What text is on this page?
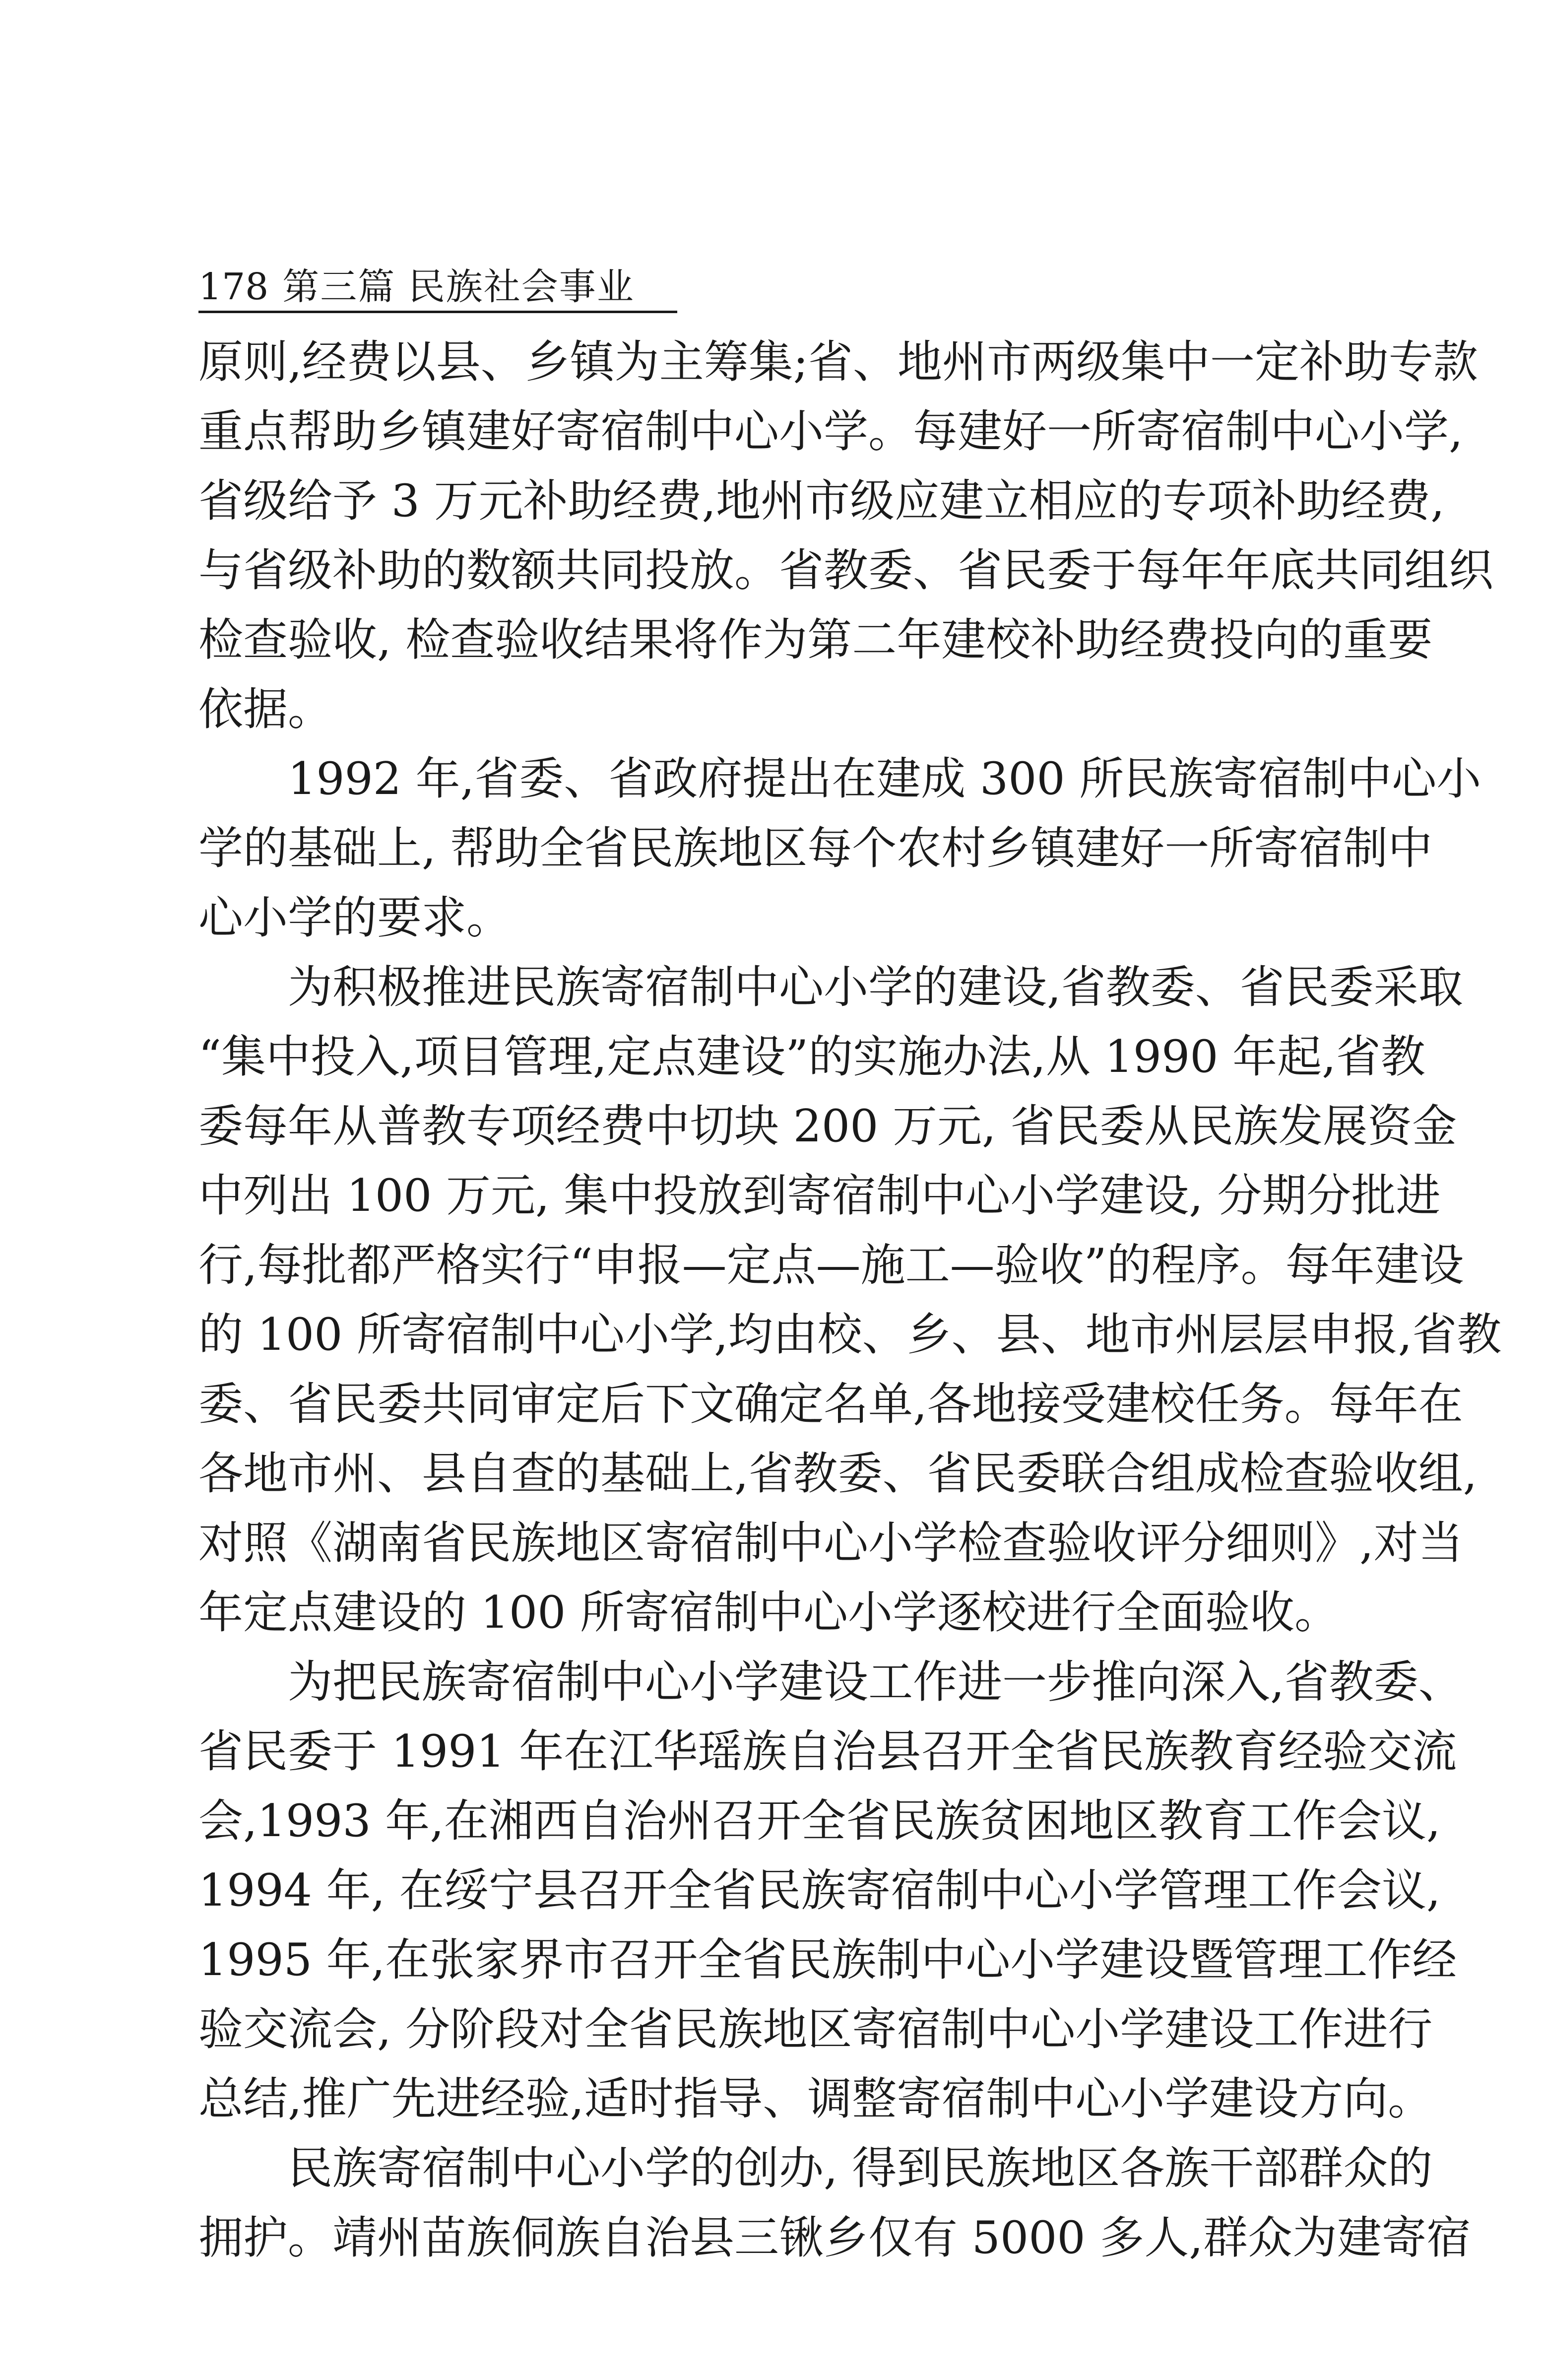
178 第三篇 民族社会事业
原则,经费以县、乡镇为主筹集;省、地州市两级集中一定补助专款
重点帮助乡镇建好寄宿制中心小学。每建好一所寄宿制中心小学,
省级给予 3 万元补助经费,地州市级应建立相应的专项补助经费,
与省级补助的数额共同投放。省教委、省民委于每年年底共同组织
检查验收, 检查验收结果将作为第二年建校补助经费投向的重要
依据。
1992 年,省委、省政府提出在建成 300 所民族寄宿制中心小
学的基础上, 帮助全省民族地区每个农村乡镇建好一所寄宿制中
心小学的要求。
为积极推进民族寄宿制中心小学的建设,省教委、省民委采取
“集中投入,项目管理,定点建设”的实施办法,从 1990 年起,省教
委每年从普教专项经费中切块 200 万元, 省民委从民族发展资金
中列出 100 万元, 集中投放到寄宿制中心小学建设, 分期分批进
行,每批都严格实行“申报—定点—施工—验收”的程序。每年建设
的 100 所寄宿制中心小学,均由校、乡、县、地市州层层申报,省教
委、省民委共同审定后下文确定名单,各地接受建校任务。每年在
各地市州、县自查的基础上,省教委、省民委联合组成检查验收组,
对照《湖南省民族地区寄宿制中心小学检查验收评分细则》,对当
年定点建设的 100 所寄宿制中心小学逐校进行全面验收。
为把民族寄宿制中心小学建设工作进一步推向深入,省教委、
省民委于 1991 年在江华瑶族自治县召开全省民族教育经验交流
会,1993 年,在湘西自治州召开全省民族贫困地区教育工作会议,
1994 年, 在绥宁县召开全省民族寄宿制中心小学管理工作会议,
1995 年,在张家界市召开全省民族制中心小学建设暨管理工作经
验交流会, 分阶段对全省民族地区寄宿制中心小学建设工作进行
总结,推广先进经验,适时指导、调整寄宿制中心小学建设方向。
民族寄宿制中心小学的创办, 得到民族地区各族干部群众的
拥护。靖州苗族侗族自治县三锹乡仅有 5000 多人,群众为建寄宿
